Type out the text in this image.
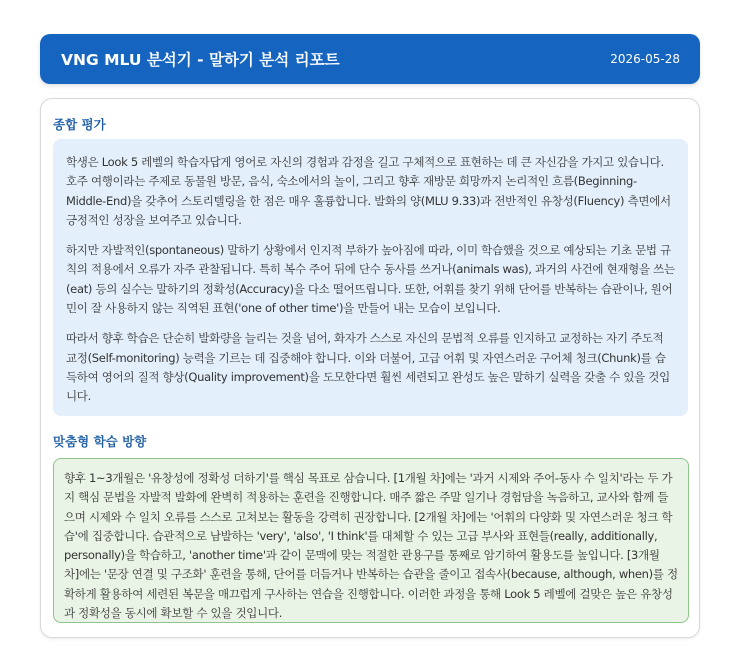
VNG MLU 분석기 - 말하기 분석 리포트	2026-05-28
종합 평가

학생은 Look 5 레벨의 학습자답게 영어로 자신의 경험과 감정을 길고 구체적으로 표현하는 데 큰 자신감을 가지고 있습니다. 호주 여행이라는 주제로 동물원 방문, 음식, 숙소에서의 놀이, 그리고 향후 재방문 희망까지 논리적인 흐름(Beginning-Middle-End)을 갖추어 스토리텔링을 한 점은 매우 훌륭합니다. 발화의 양(MLU 9.33)과 전반적인 유창성(Fluency) 측면에서 긍정적인 성장을 보여주고 있습니다.

하지만 자발적인(spontaneous) 말하기 상황에서 인지적 부하가 높아짐에 따라, 이미 학습했을 것으로 예상되는 기초 문법 규칙의 적용에서 오류가 자주 관찰됩니다. 특히 복수 주어 뒤에 단수 동사를 쓰거나(animals was), 과거의 사건에 현재형을 쓰는(eat) 등의 실수는 말하기의 정확성(Accuracy)을 다소 떨어뜨립니다. 또한, 어휘를 찾기 위해 단어를 반복하는 습관이나, 원어민이 잘 사용하지 않는 직역된 표현('one of other time')을 만들어 내는 모습이 보입니다.

따라서 향후 학습은 단순히 발화량을 늘리는 것을 넘어, 화자가 스스로 자신의 문법적 오류를 인지하고 교정하는 자기 주도적 교정(Self-monitoring) 능력을 기르는 데 집중해야 합니다. 이와 더불어, 고급 어휘 및 자연스러운 구어체 청크(Chunk)를 습득하여 영어의 질적 향상(Quality improvement)을 도모한다면 훨씬 세련되고 완성도 높은 말하기 실력을 갖출 수 있을 것입니다.

맞춤형 학습 방향

향후 1~3개월은 '유창성에 정확성 더하기'를 핵심 목표로 삼습니다. [1개월 차]에는 '과거 시제와 주어-동사 수 일치'라는 두 가지 핵심 문법을 자발적 발화에 완벽히 적용하는 훈련을 진행합니다. 매주 짧은 주말 일기나 경험담을 녹음하고, 교사와 함께 들으며 시제와 수 일치 오류를 스스로 고쳐보는 활동을 강력히 권장합니다. [2개월 차]에는 '어휘의 다양화 및 자연스러운 청크 학습'에 집중합니다. 습관적으로 남발하는 'very', 'also', 'I think'를 대체할 수 있는 고급 부사와 표현들(really, additionally, personally)을 학습하고, 'another time'과 같이 문맥에 맞는 적절한 관용구를 통째로 암기하여 활용도를 높입니다. [3개월 차]에는 '문장 연결 및 구조화' 훈련을 통해, 단어를 더듬거나 반복하는 습관을 줄이고 접속사(because, although, when)를 정확하게 활용하여 세련된 복문을 매끄럽게 구사하는 연습을 진행합니다. 이러한 과정을 통해 Look 5 레벨에 걸맞은 높은 유창성과 정확성을 동시에 확보할 수 있을 것입니다.
